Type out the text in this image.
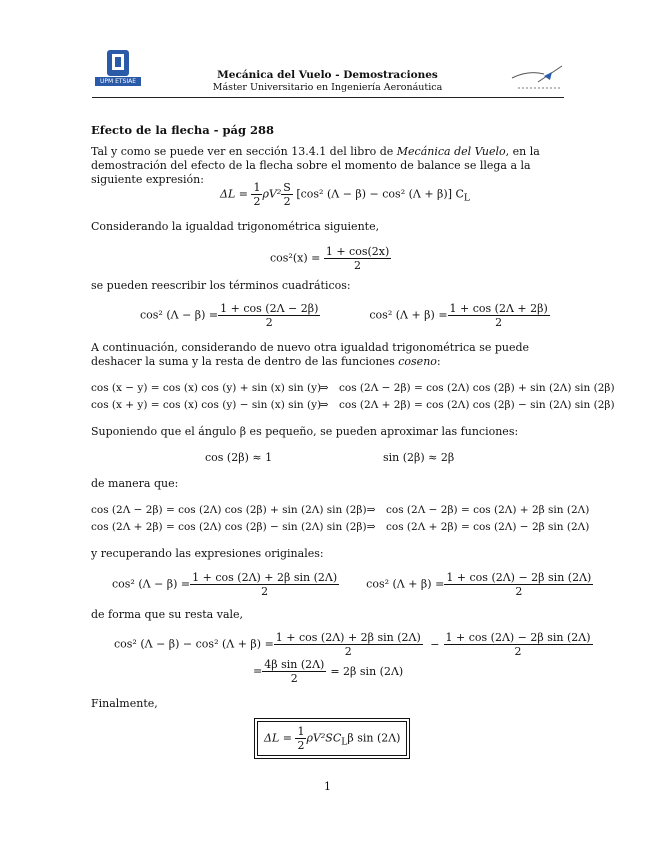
UPM ETSIAE
Mecánica del Vuelo - Demostraciones
Máster Universitario en Ingeniería Aeronáutica
Efecto de la flecha - pág 288
Tal y como se puede ver en sección 13.4.1 del libro de Mecánica del Vuelo, en la demostración del efecto de la flecha sobre el momento de balance se llega a la siguiente expresión:
$\Delta L = \frac{1}{2} \rho V^2 \frac{S}{2} [\cos^2$ (Λ − β) − cos² (Λ + β)] $C_L$
Considerando la igualdad trigonométrica siguiente,
$\cos^2(x) = \frac{1 + \cos(2x)}{2}$
se pueden reescribir los términos cuadráticos:
cos² $(\Lambda - \beta) = \frac{1 + \cos (2\Lambda - 2\beta)}{2}$	cos² $(\Lambda + \beta) = \frac{1 + \cos (2\Lambda + 2\beta)}{2}$
A continuación, considerando de nuevo otra igualdad trigonométrica se puede deshacer la suma y la resta de dentro de las funciones coseno:
cos (x − y) = cos (x) cos (y) + sin (x) sin (y)⇒ cos (2Λ − 2β) = cos (2Λ) cos (2β) + sin (2Λ) sin (2β)
cos (x + y) = cos (x) cos (y) − sin (x) sin (y)⇒ cos (2Λ + 2β) = cos (2Λ) cos (2β) − sin (2Λ) sin (2β)
Suponiendo que el ángulo β es pequeño, se pueden aproximar las funciones:
cos (2β) ≈ 1	sin (2β) ≈ 2β
de manera que:
cos (2Λ − 2β) = cos (2Λ) cos (2β) + sin (2Λ) sin (2β)⇒ cos (2Λ − 2β) = cos (2Λ) + 2β sin (2Λ)
cos (2Λ + 2β) = cos (2Λ) cos (2β) − sin (2Λ) sin (2β)⇒ cos (2Λ + 2β) = cos (2Λ) − 2β sin (2Λ)
y recuperando las expresiones originales:
cos² $(\Lambda - \beta) = \frac{\text{1 + cos (2Λ) + 2β sin (2Λ)}}{2} \cos^2$ $(\Lambda + \beta) = \frac{\text{1 + cos (2Λ) − 2β sin (2Λ)}}{2}$
de forma que su resta vale,
cos² (Λ − β) − cos² $(\Lambda + \beta) = \frac{\text{1 + cos (2Λ) + 2β sin (2Λ)}}{2} - \frac{\text{1 + cos (2Λ) − 2β sin (2Λ)}}{2}$
= $\frac{\text{4β sin (2Λ)}}{2} = 2\beta$ sin (2Λ)
Finalmente,
$\Delta L = \frac{1}{2} \rho V^2SC_L\beta$ sin (2Λ)
1
